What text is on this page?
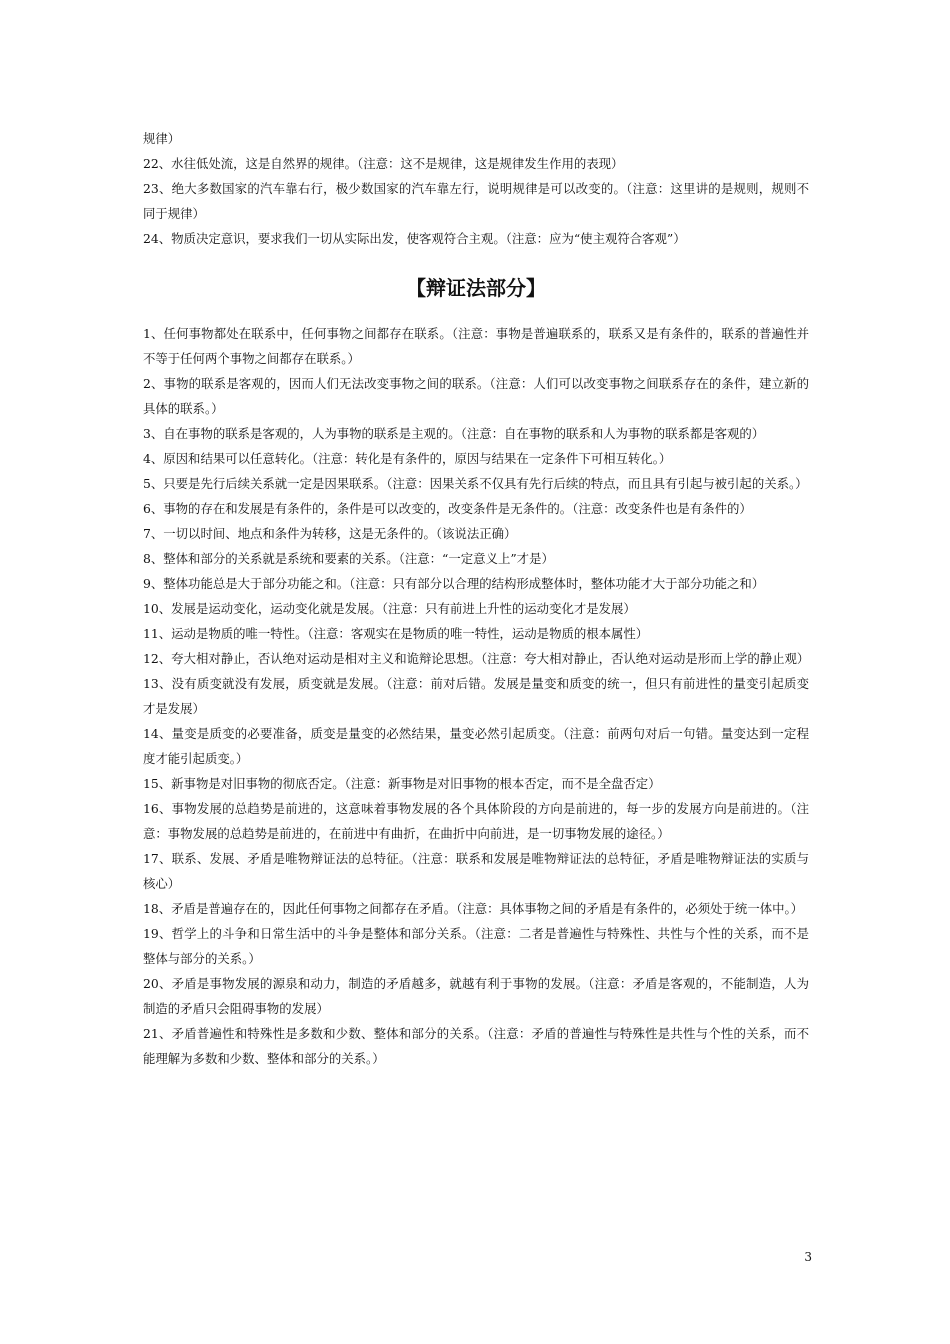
规律）

22、水往低处流，这是自然界的规律。（注意：这不是规律，这是规律发生作用的表现）

23、绝大多数国家的汽车靠右行，极少数国家的汽车靠左行，说明规律是可以改变的。（注意：这里讲的是规则，规则不同于规律）

24、物质决定意识，要求我们一切从实际出发，使客观符合主观。（注意：应为“使主观符合客观”）

【辩证法部分】

1、任何事物都处在联系中，任何事物之间都存在联系。（注意：事物是普遍联系的，联系又是有条件的，联系的普遍性并不等于任何两个事物之间都存在联系。）

2、事物的联系是客观的，因而人们无法改变事物之间的联系。（注意：人们可以改变事物之间联系存在的条件，建立新的具体的联系。）

3、自在事物的联系是客观的，人为事物的联系是主观的。（注意：自在事物的联系和人为事物的联系都是客观的）

4、原因和结果可以任意转化。（注意：转化是有条件的，原因与结果在一定条件下可相互转化。）

5、只要是先行后续关系就一定是因果联系。（注意：因果关系不仅具有先行后续的特点，而且具有引起与被引起的关系。）

6、事物的存在和发展是有条件的，条件是可以改变的，改变条件是无条件的。（注意：改变条件也是有条件的）

7、一切以时间、地点和条件为转移，这是无条件的。（该说法正确）

8、整体和部分的关系就是系统和要素的关系。（注意：“一定意义上”才是）

9、整体功能总是大于部分功能之和。（注意：只有部分以合理的结构形成整体时，整体功能才大于部分功能之和）

10、发展是运动变化，运动变化就是发展。（注意：只有前进上升性的运动变化才是发展）

11、运动是物质的唯一特性。（注意：客观实在是物质的唯一特性，运动是物质的根本属性）

12、夸大相对静止，否认绝对运动是相对主义和诡辩论思想。（注意：夸大相对静止，否认绝对运动是形而上学的静止观）

13、没有质变就没有发展，质变就是发展。（注意：前对后错。发展是量变和质变的统一，但只有前进性的量变引起质变才是发展）

14、量变是质变的必要准备，质变是量变的必然结果，量变必然引起质变。（注意：前两句对后一句错。量变达到一定程度才能引起质变。）

15、新事物是对旧事物的彻底否定。（注意：新事物是对旧事物的根本否定，而不是全盘否定）

16、事物发展的总趋势是前进的，这意味着事物发展的各个具体阶段的方向是前进的，每一步的发展方向是前进的。（注意：事物发展的总趋势是前进的，在前进中有曲折，在曲折中向前进，是一切事物发展的途径。）

17、联系、发展、矛盾是唯物辩证法的总特征。（注意：联系和发展是唯物辩证法的总特征，矛盾是唯物辩证法的实质与核心）

18、矛盾是普遍存在的，因此任何事物之间都存在矛盾。（注意：具体事物之间的矛盾是有条件的，必须处于统一体中。）

19、哲学上的斗争和日常生活中的斗争是整体和部分关系。（注意：二者是普遍性与特殊性、共性与个性的关系，而不是整体与部分的关系。）

20、矛盾是事物发展的源泉和动力，制造的矛盾越多，就越有利于事物的发展。（注意：矛盾是客观的，不能制造，人为制造的矛盾只会阻碍事物的发展）

21、矛盾普遍性和特殊性是多数和少数、整体和部分的关系。（注意：矛盾的普遍性与特殊性是共性与个性的关系，而不能理解为多数和少数、整体和部分的关系。）

3
